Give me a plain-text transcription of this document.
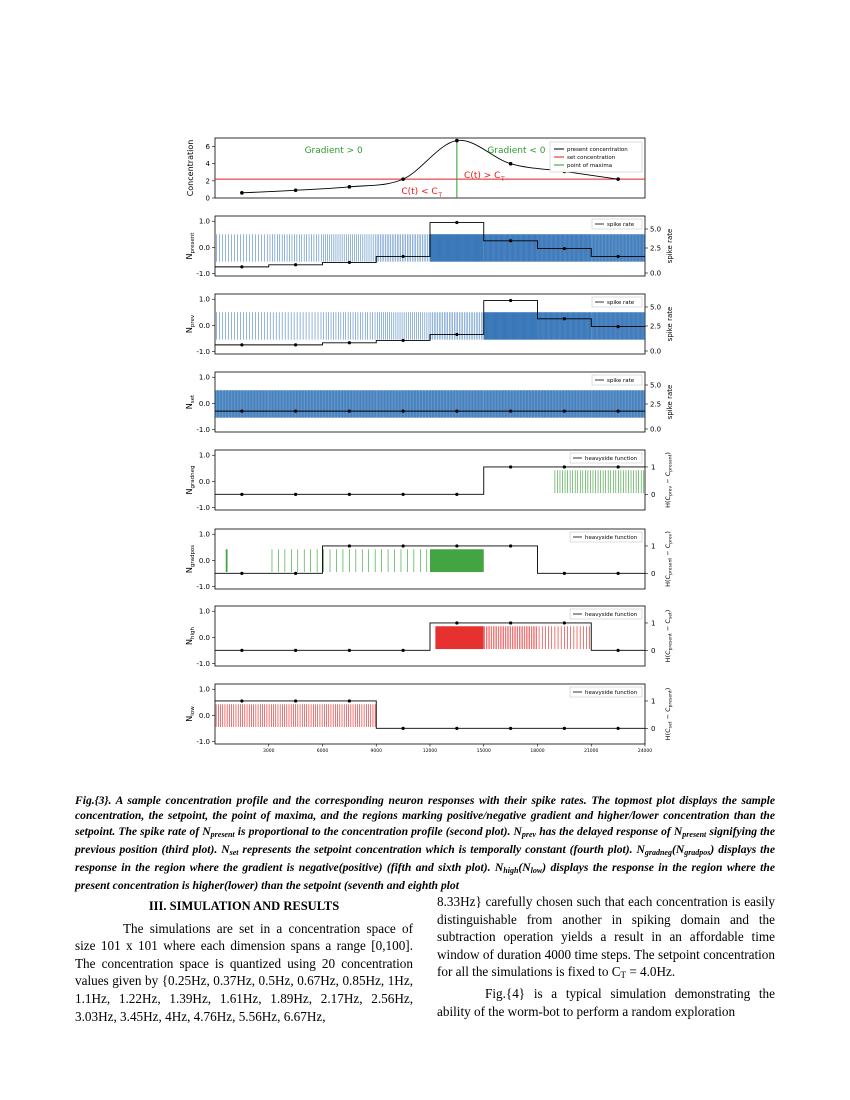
0
2
4
6
Concentration	Gradient > 0	Gradient < 0
C(t) > C T
C(t) < C T
present concentration
set concentration
point of maxima
1.0
0.0
-1.0
$N_{present}$
spike rate
5.0
2.5
0.0
spike rate
1.0
0.0
-1.0
$N_{prev}$
spike rate
5.0
2.5
0.0
spike rate
1.0
0.0
-1.0
$N_{set}$
spike rate
5.0
2.5
0.0
spike rate
1.0
0.0
-1.0
$N_{gradneg}$
heavyside function
1
0
$H(C_{prev} - C_{present})$
1.0
0.0
-1.0
$N_{gradpos}$
heavyside function
1
0
$H(C_{present} - C_{prev})$
1.0
0.0
-1.0
$N_{high}$
heavyside function
1
0 $H(C_{present} - C_{set})$
1.0
0.0
-1.0
$N_{low}$
heavyside function
1
0 $H(C_{set} - C_{present})$
3000	6000	9000	12000	15000	18000	21000	24000
Fig.{3}. A sample concentration profile and the corresponding neuron responses with their spike rates. The topmost plot displays the sample concentration, the setpoint, the point of maxima, and the regions marking positive/negative gradient and higher/lower concentration than the setpoint. The spike rate of $N_{present}$ is proportional to the concentration profile (second plot). $N_{prev}$ has the delayed response of $N_{present}$ signifying the previous position (third plot). $N_{set}$ represents the setpoint concentration which is temporally constant (fourth plot). $N_{gradneg}(N_{gradpos})$ displays the response in the region where the gradient is negative(positive) (fifth and sixth plot). $N_{high}(N_{low})$ displays the response in the region where the present concentration is higher(lower) than the setpoint (seventh and eighth plot
III. SIMULATION AND RESULTS

The simulations are set in a concentration space of size 101 x 101 where each dimension spans a range [0,100]. The concentration space is quantized using 20 concentration values given by {0.25Hz, 0.37Hz, 0.5Hz, 0.67Hz, 0.85Hz, 1Hz, 1.1Hz, 1.22Hz, 1.39Hz, 1.61Hz, 1.89Hz, 2.17Hz, 2.56Hz, 3.03Hz, 3.45Hz, 4Hz, 4.76Hz, 5.56Hz, 6.67Hz,

8.33Hz} carefully chosen such that each concentration is easily distinguishable from another in spiking domain and the subtraction operation yields a result in an affordable time window of duration 4000 time steps. The setpoint concentration for all the simulations is fixed to CT = 4.0Hz.

Fig.{4} is a typical simulation demonstrating the ability of the worm-bot to perform a random exploration
